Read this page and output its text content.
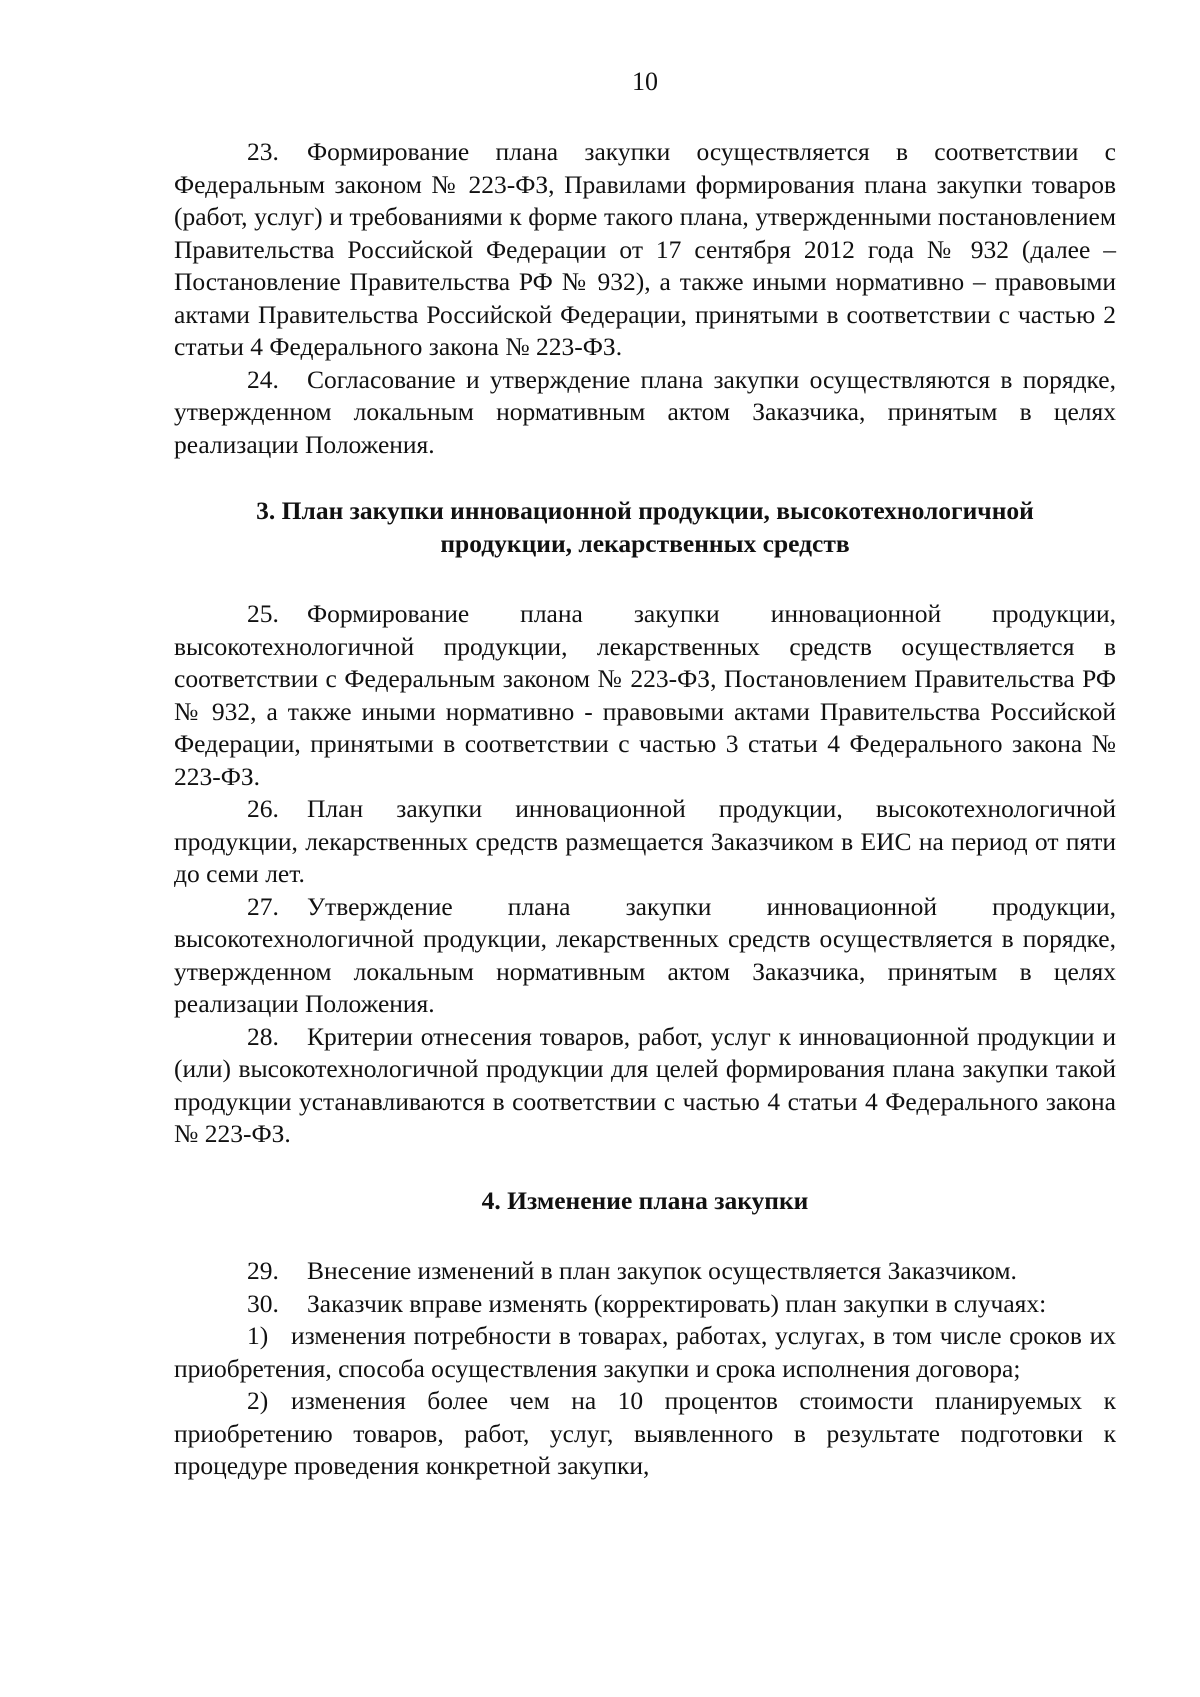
10

23. Формирование плана закупки осуществляется в соответствии с Федеральным законом № 223-ФЗ, Правилами формирования плана закупки товаров (работ, услуг) и требованиями к форме такого плана, утвержденными постановлением Правительства Российской Федерации от 17 сентября 2012 года № 932 (далее – Постановление Правительства РФ № 932), а также иными нормативно – правовыми актами Правительства Российской Федерации, принятыми в соответствии с частью 2 статьи 4 Федерального закона № 223-ФЗ.

24. Согласование и утверждение плана закупки осуществляются в порядке, утвержденном локальным нормативным актом Заказчика, принятым в целях реализации Положения.

3. План закупки инновационной продукции, высокотехнологичной
продукции, лекарственных средств

25. Формирование плана закупки инновационной продукции, высокотехнологичной продукции, лекарственных средств осуществляется в соответствии с Федеральным законом № 223-ФЗ, Постановлением Правительства РФ № 932, а также иными нормативно - правовыми актами Правительства Российской Федерации, принятыми в соответствии с частью 3 статьи 4 Федерального закона № 223-ФЗ.

26. План закупки инновационной продукции, высокотехнологичной продукции, лекарственных средств размещается Заказчиком в ЕИС на период от пяти до семи лет.

27. Утверждение плана закупки инновационной продукции, высокотехнологичной продукции, лекарственных средств осуществляется в порядке, утвержденном локальным нормативным актом Заказчика, принятым в целях реализации Положения.

28. Критерии отнесения товаров, работ, услуг к инновационной продукции и (или) высокотехнологичной продукции для целей формирования плана закупки такой продукции устанавливаются в соответствии с частью 4 статьи 4 Федерального закона № 223-ФЗ.

4. Изменение плана закупки

29. Внесение изменений в план закупок осуществляется Заказчиком.

30. Заказчик вправе изменять (корректировать) план закупки в случаях:

1) изменения потребности в товарах, работах, услугах, в том числе сроков их приобретения, способа осуществления закупки и срока исполнения договора;

2) изменения более чем на 10 процентов стоимости планируемых к приобретению товаров, работ, услуг, выявленного в результате подготовки к процедуре проведения конкретной закупки,
